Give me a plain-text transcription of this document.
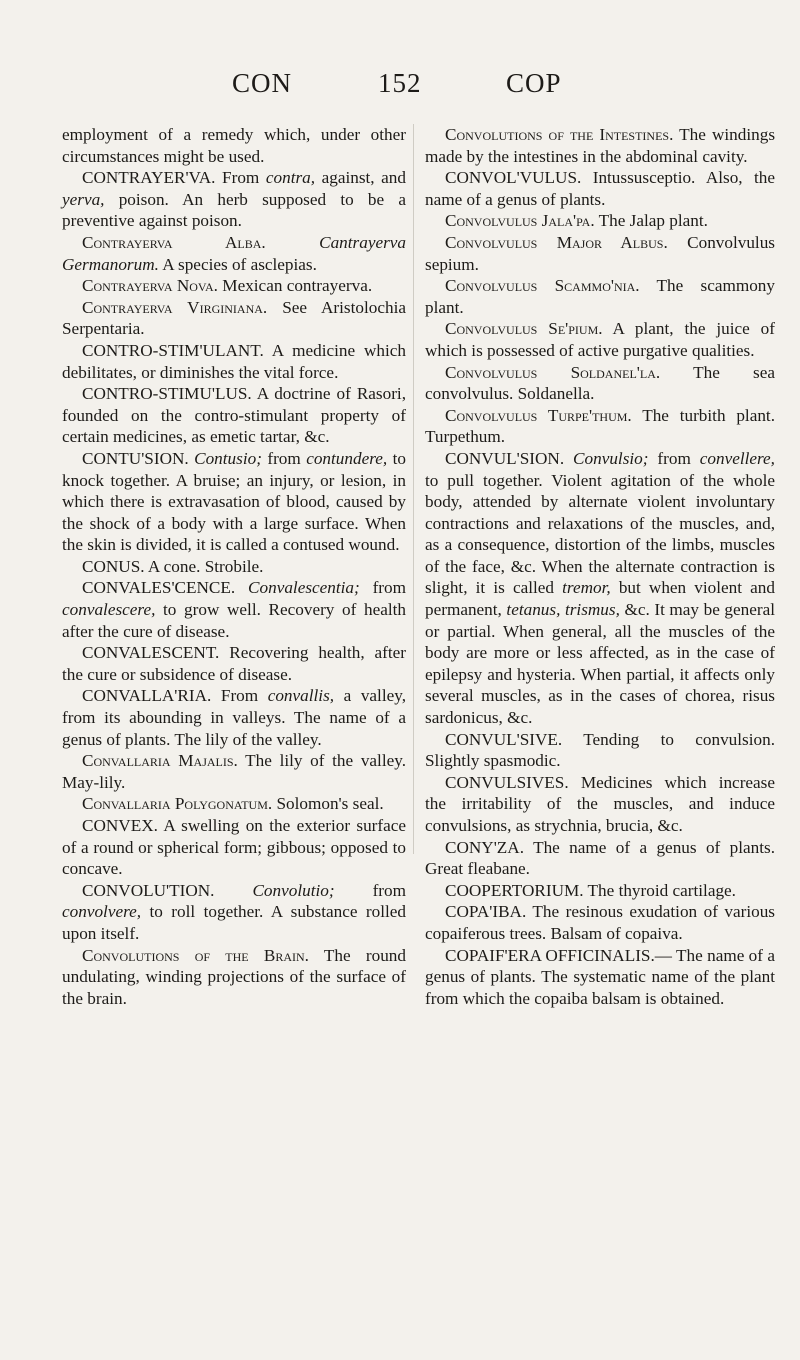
CON	152	COP

employment of a remedy which, under other circumstances might be used.

CONTRAYER'VA. From contra, against, and yerva, poison. An herb supposed to be a preventive against poison.

Contrayerva Alba. Cantrayerva Germanorum. A species of asclepias.

Contrayerva Nova. Mexican contrayerva.

Contrayerva Virginiana. See Aristolochia Serpentaria.

CONTRO-STIM'ULANT. A medicine which debilitates, or diminishes the vital force.

CONTRO-STIMU'LUS. A doctrine of Rasori, founded on the contro-stimulant property of certain medicines, as emetic tartar, &c.

CONTU'SION. Contusio; from contundere, to knock together. A bruise; an injury, or lesion, in which there is extravasation of blood, caused by the shock of a body with a large surface. When the skin is divided, it is called a contused wound.

CONUS. A cone. Strobile.

CONVALES'CENCE. Convalescentia; from convalescere, to grow well. Recovery of health after the cure of disease.

CONVALESCENT. Recovering health, after the cure or subsidence of disease.

CONVALLA'RIA. From convallis, a valley, from its abounding in valleys. The name of a genus of plants. The lily of the valley.

Convallaria Majalis. The lily of the valley. May-lily.

Convallaria Polygonatum. Solomon's seal.

CONVEX. A swelling on the exterior surface of a round or spherical form; gibbous; opposed to concave.

CONVOLU'TION. Convolutio; from convolvere, to roll together. A substance rolled upon itself.

Convolutions of the Brain. The round undulating, winding projections of the surface of the brain.

Convolutions of the Intestines. The windings made by the intestines in the abdominal cavity.

CONVOL'VULUS. Intussusceptio. Also, the name of a genus of plants.

Convolvulus Jala'pa. The Jalap plant.

Convolvulus Major Albus. Convolvulus sepium.

Convolvulus Scammo'nia. The scammony plant.

Convolvulus Se'pium. A plant, the juice of which is possessed of active purgative qualities.

Convolvulus Soldanel'la. The sea convolvulus. Soldanella.

Convolvulus Turpe'thum. The turbith plant. Turpethum.

CONVUL'SION. Convulsio; from convellere, to pull together. Violent agitation of the whole body, attended by alternate violent involuntary contractions and relaxations of the muscles, and, as a consequence, distortion of the limbs, muscles of the face, &c. When the alternate contraction is slight, it is called tremor, but when violent and permanent, tetanus, trismus, &c. It may be general or partial. When general, all the muscles of the body are more or less affected, as in the case of epilepsy and hysteria. When partial, it affects only several muscles, as in the cases of chorea, risus sardonicus, &c.

CONVUL'SIVE. Tending to convulsion. Slightly spasmodic.

CONVULSIVES. Medicines which increase the irritability of the muscles, and induce convulsions, as strychnia, brucia, &c.

CONY'ZA. The name of a genus of plants. Great fleabane.

COOPERTORIUM. The thyroid cartilage.

COPA'IBA. The resinous exudation of various copaiferous trees. Balsam of copaiva.

COPAIF'ERA OFFICINALIS.— The name of a genus of plants. The systematic name of the plant from which the copaiba balsam is obtained.
